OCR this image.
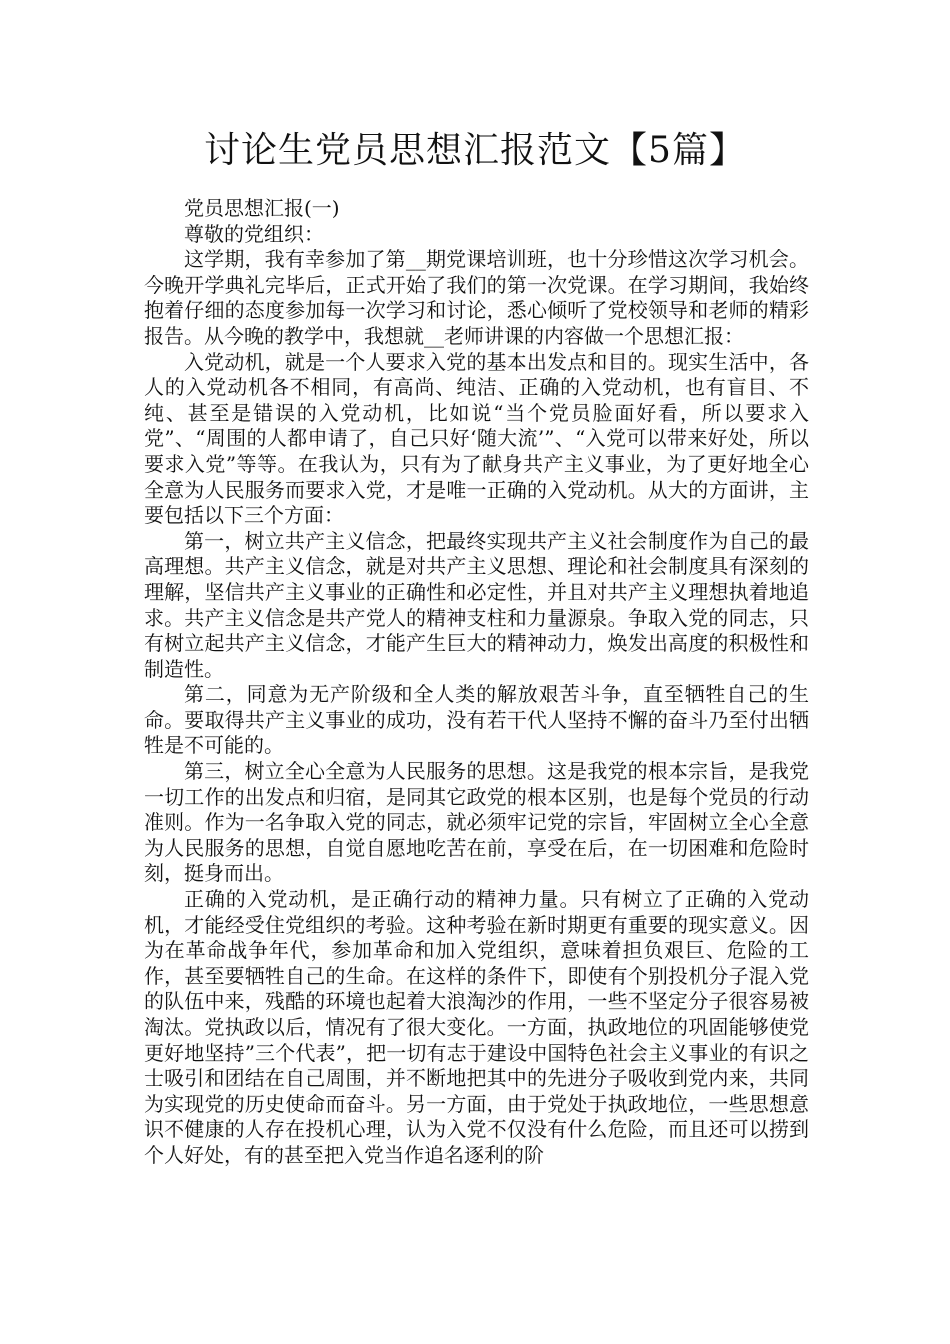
讨论生党员思想汇报范文【5篇】

党员思想汇报(一)

尊敬的党组织：

这学期，我有幸参加了第__期党课培训班，也十分珍惜这次学习机会。今晚开学典礼完毕后，正式开始了我们的第一次党课。在学习期间，我始终抱着仔细的态度参加每一次学习和讨论，悉心倾听了党校领导和老师的精彩报告。从今晚的教学中，我想就__老师讲课的内容做一个思想汇报：

入党动机，就是一个人要求入党的基本出发点和目的。现实生活中，各人的入党动机各不相同，有高尚、纯洁、正确的入党动机，也有盲目、不纯、甚至是错误的入党动机，比如说“当个党员脸面好看，所以要求入党”、“周围的人都申请了，自己只好‘随大流’”、“入党可以带来好处，所以要求入党”等等。在我认为，只有为了献身共产主义事业，为了更好地全心全意为人民服务而要求入党，才是唯一正确的入党动机。从大的方面讲，主要包括以下三个方面：

第一，树立共产主义信念，把最终实现共产主义社会制度作为自己的最高理想。共产主义信念，就是对共产主义思想、理论和社会制度具有深刻的理解，坚信共产主义事业的正确性和必定性，并且对共产主义理想执着地追求。共产主义信念是共产党人的精神支柱和力量源泉。争取入党的同志，只有树立起共产主义信念，才能产生巨大的精神动力，焕发出高度的积极性和制造性。

第二，同意为无产阶级和全人类的解放艰苦斗争，直至牺牲自己的生命。要取得共产主义事业的成功，没有若干代人坚持不懈的奋斗乃至付出牺牲是不可能的。

第三，树立全心全意为人民服务的思想。这是我党的根本宗旨，是我党一切工作的出发点和归宿，是同其它政党的根本区别，也是每个党员的行动准则。作为一名争取入党的同志，就必须牢记党的宗旨，牢固树立全心全意为人民服务的思想，自觉自愿地吃苦在前，享受在后，在一切困难和危险时刻，挺身而出。

正确的入党动机，是正确行动的精神力量。只有树立了正确的入党动机，才能经受住党组织的考验。这种考验在新时期更有重要的现实意义。因为在革命战争年代，参加革命和加入党组织，意味着担负艰巨、危险的工作，甚至要牺牲自己的生命。在这样的条件下，即使有个别投机分子混入党的队伍中来，残酷的环境也起着大浪淘沙的作用，一些不坚定分子很容易被淘汰。党执政以后，情况有了很大变化。一方面，执政地位的巩固能够使党更好地坚持”三个代表”，把一切有志于建设中国特色社会主义事业的有识之士吸引和团结在自己周围，并不断地把其中的先进分子吸收到党内来，共同为实现党的历史使命而奋斗。另一方面，由于党处于执政地位，一些思想意识不健康的人存在投机心理，认为入党不仅没有什么危险，而且还可以捞到个人好处，有的甚至把入党当作追名逐利的阶
